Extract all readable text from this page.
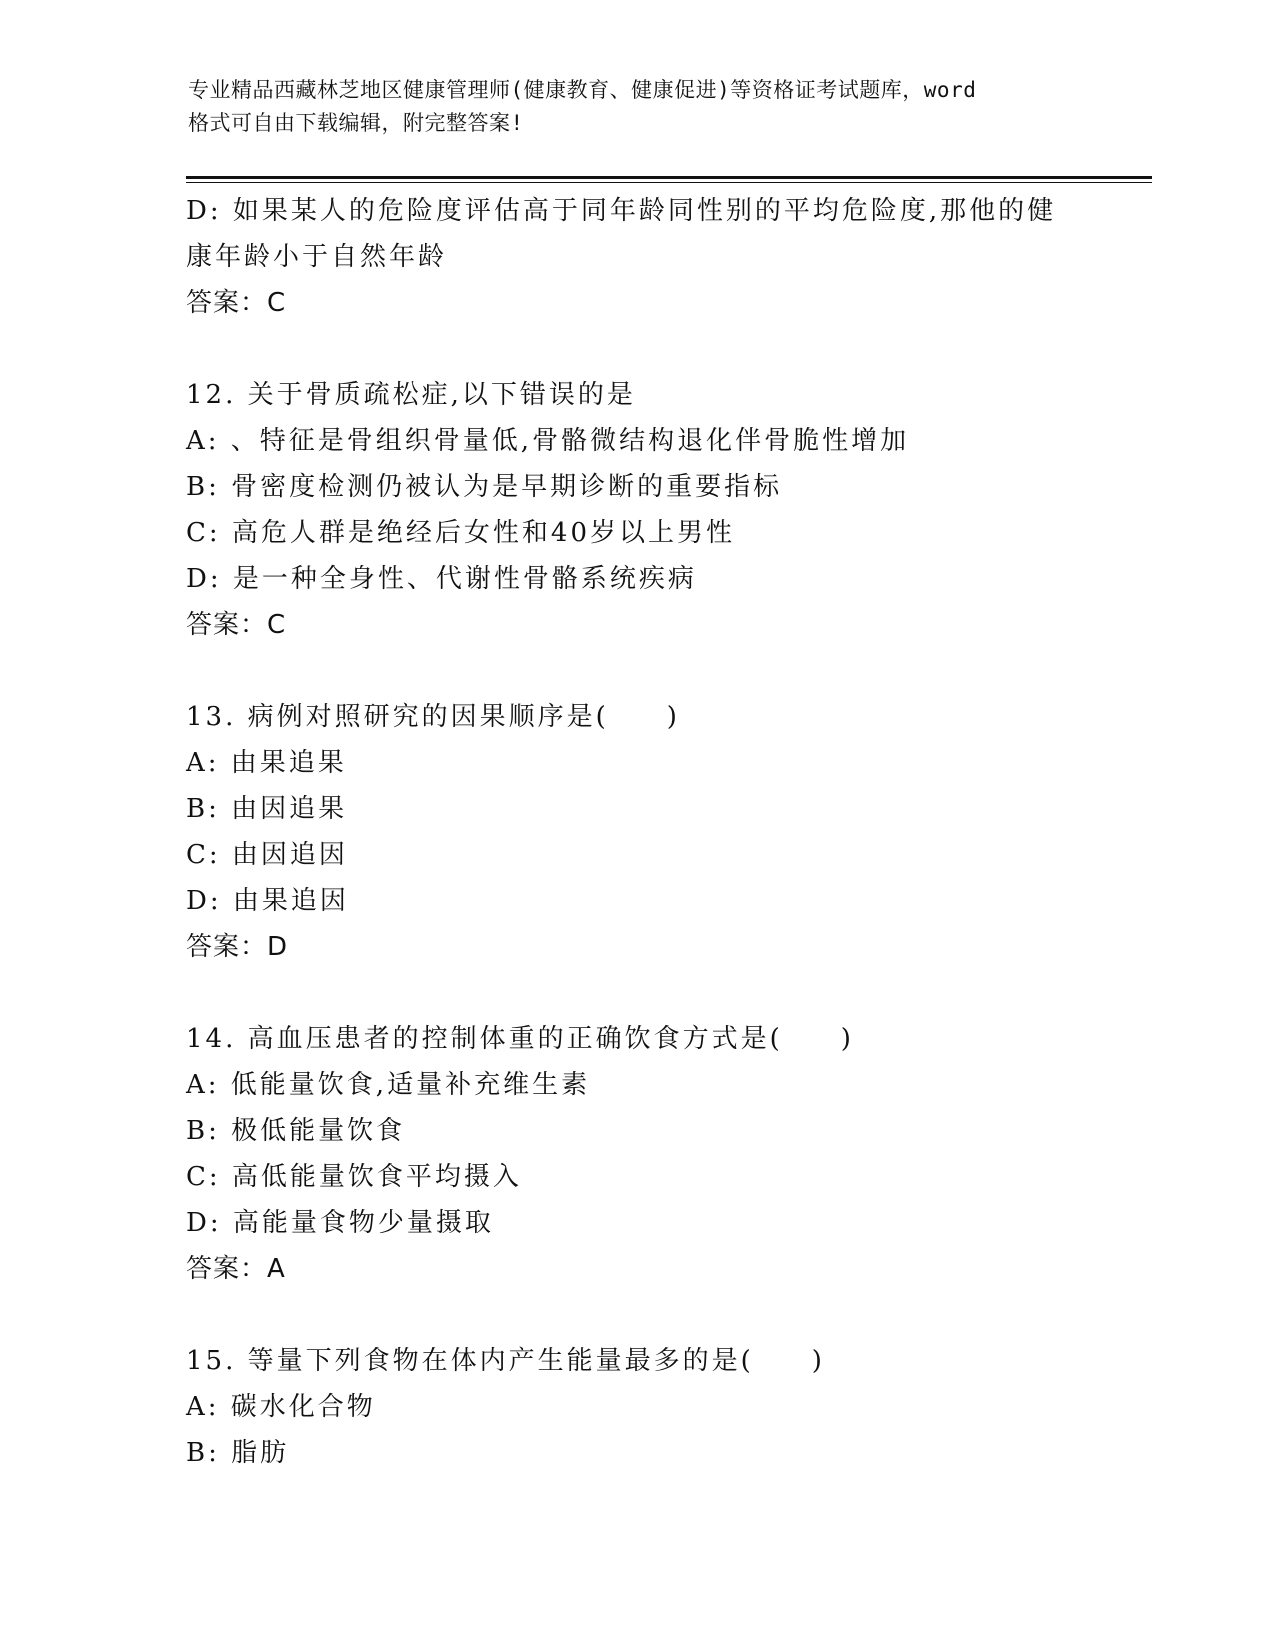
专业精品西藏林芝地区健康管理师(健康教育、健康促进)等资格证考试题库，word
格式可自由下载编辑，附完整答案!
D: 如果某人的危险度评估高于同年龄同性别的平均危险度,那他的健
康年龄小于自然年龄
答案：C
12. 关于骨质疏松症,以下错误的是
A: 、特征是骨组织骨量低,骨骼微结构退化伴骨脆性增加
B: 骨密度检测仍被认为是早期诊断的重要指标
C: 高危人群是绝经后女性和40岁以上男性
D: 是一种全身性、代谢性骨骼系统疾病
答案：C
13. 病例对照研究的因果顺序是(　　)
A: 由果追果
B: 由因追果
C: 由因追因
D: 由果追因
答案：D
14. 高血压患者的控制体重的正确饮食方式是(　　)
A: 低能量饮食,适量补充维生素
B: 极低能量饮食
C: 高低能量饮食平均摄入
D: 高能量食物少量摄取
答案：A
15. 等量下列食物在体内产生能量最多的是(　　)
A: 碳水化合物
B: 脂肪
